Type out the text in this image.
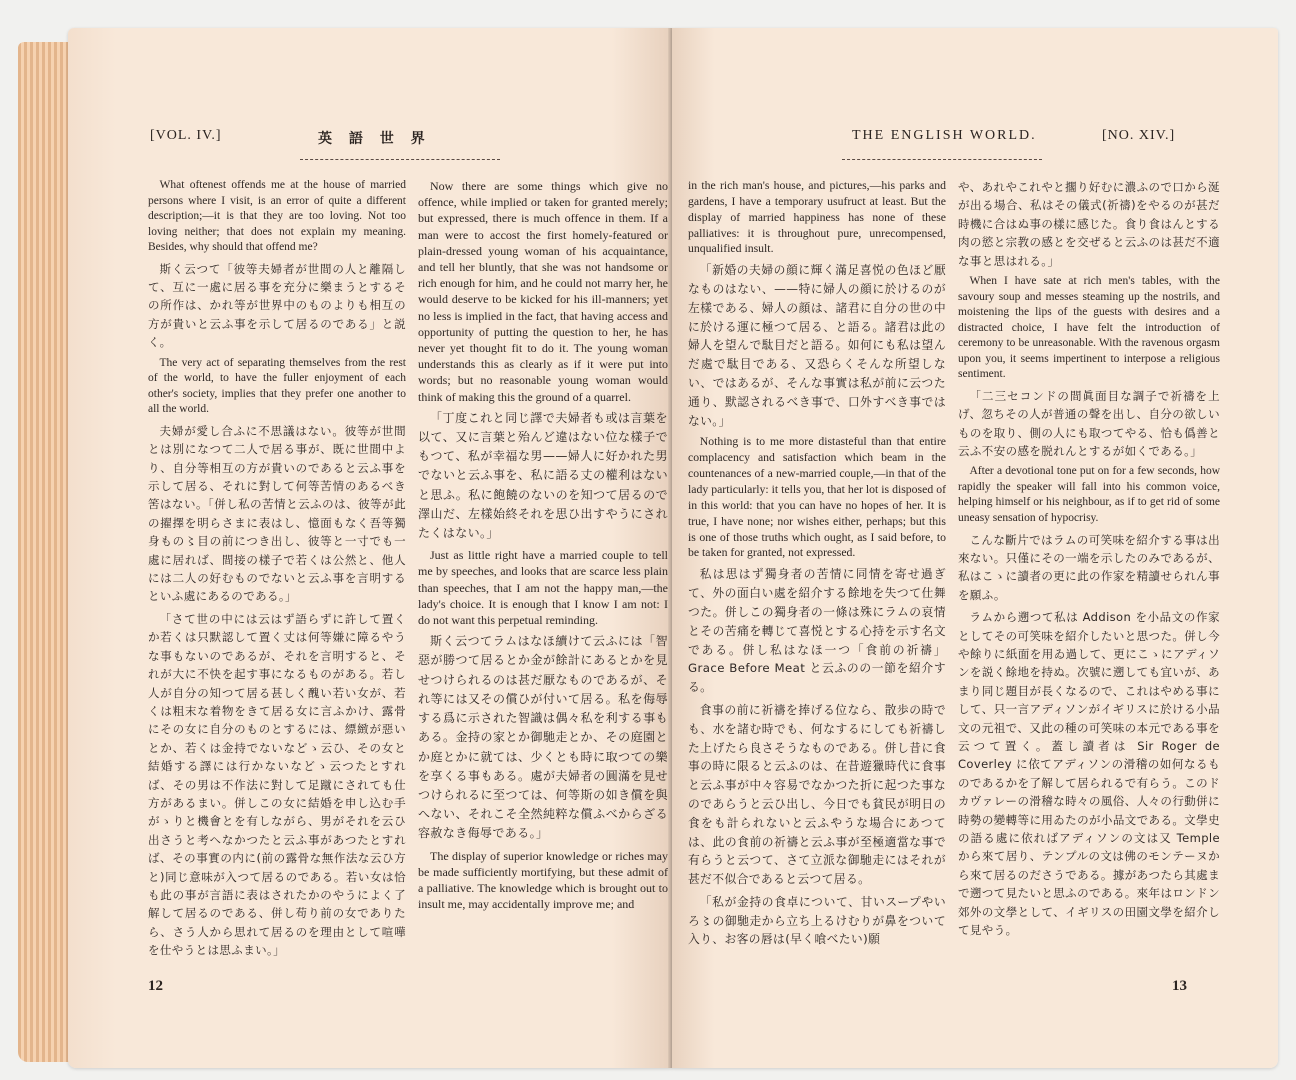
[VOL. IV.]	英 語 世 界

What oftenest offends me at the house of married persons where I visit, is an error of quite a different description;—it is that they are too loving. Not too loving neither; that does not explain my meaning. Besides, why should that offend me?

斯く云つて「彼等夫婦者が世間の人と離隔して、互に一處に居る事を充分に樂まうとするその所作は、かれ等が世界中のものよりも相互の方が貴いと云ふ事を示して居るのである」と説く。

The very act of separating themselves from the rest of the world, to have the fuller enjoyment of each other's society, implies that they prefer one another to all the world.

夫婦が愛し合ふに不思議はない。彼等が世間とは別になつて二人で居る事が、既に世間中より、自分等相互の方が貴いのであると云ふ事を示して居る、それに對して何等苦情のあるべき筈はない。「併し私の苦情と云ふのは、彼等が此の擢擇を明らさまに表はし、憶面もなく吾等獨身もの〻目の前につき出し、彼等と一寸でも一處に居れば、間接の樣子で若くは公然と、他人には二人の好むものでないと云ふ事を言明するといふ處にあるのである。」

「さて世の中には云はず語らずに許して置くか若くは只默認して置く丈は何等嫌に障るやうな事もないのであるが、それを言明すると、それが大に不快を起す事になるものがある。若し人が自分の知つて居る甚しく醜い若い女が、若くは粗末な着物をきて居る女に言ふかけ、露骨にその女に自分のものとするには、縹緻が惡いとか、若くは金持でないなどゝ云ひ、その女と結婚する譯には行かないなどゝ云つたとすれば、その男は不作法に對して足蹴にされても仕方があるまい。併しこの女に結婚を申し込む手がゝりと機會とを有しながら、男がそれを云ひ出さうと考へなかつたと云ふ事があつたとすれば、その事實の内に(前の露骨な無作法な云ひ方と)同じ意味が入つて居るのである。若い女は恰も此の事が言語に表はされたかのやうによく了解して居るのである、併し苟り前の女でありたら、さう人から思れて居るのを理由として喧嘩を仕やうとは思ふまい。」

Now there are some things which give no offence, while implied or taken for granted merely; but expressed, there is much offence in them. If a man were to accost the first homely-featured or plain-dressed young woman of his acquaintance, and tell her bluntly, that she was not handsome or rich enough for him, and he could not marry her, he would deserve to be kicked for his ill-manners; yet no less is implied in the fact, that having access and opportunity of putting the question to her, he has never yet thought fit to do it. The young woman understands this as clearly as if it were put into words; but no reasonable young woman would think of making this the ground of a quarrel.

「丁度これと同じ譯で夫婦者も或は言葉を以て、又に言葉と殆んど違はない位な樣子でもつて、私が幸福な男——婦人に好かれた男でないと云ふ事を、私に語る丈の權利はないと思ふ。私に飽饒のないのを知つて居るので澤山だ、左樣始終それを思ひ出すやうにされたくはない。」

Just as little right have a married couple to tell me by speeches, and looks that are scarce less plain than speeches, that I am not the happy man,—the lady's choice. It is enough that I know I am not: I do not want this perpetual reminding.

斯く云つてラムはなほ續けて云ふには「智惡が勝つて居るとか金が餘計にあるとかを見せつけられるのは甚だ厭なものであるが、それ等には又その償ひが付いて居る。私を侮辱する爲に示された智識は偶々私を利する事もある。金持の家とか御馳走とか、その庭園とか庭とかに就ては、少くとも時に取つての樂を享くる事もある。處が夫婦者の圓滿を見せつけられるに至つては、何等斯の如き償を與へない、それこそ全然純粹な償ふべからざる容赦なき侮辱である。」

The display of superior knowledge or riches may be made sufficiently mortifying, but these admit of a palliative. The knowledge which is brought out to insult me, may accidentally improve me; and

12
THE ENGLISH WORLD.	[NO. XIV.]

in the rich man's house, and pictures,—his parks and gardens, I have a temporary usufruct at least. But the display of married happiness has none of these palliatives: it is throughout pure, unrecompensed, unqualified insult.

「新婚の夫婦の顔に輝く滿足喜悦の色ほど厭なものはない、——特に婦人の顔に於けるのが左樣である、婦人の顔は、諸君に自分の世の中に於ける運に極つて居る、と語る。諸君は此の婦人を望んで駄目だと語る。如何にも私は望んだ處で駄目である、又恐らくそんな所望しない、ではあるが、そんな事實は私が前に云つた通り、默認されるべき事で、口外すべき事ではない。」

Nothing is to me more distasteful than that entire complacency and satisfaction which beam in the countenances of a new-married couple,—in that of the lady particularly: it tells you, that her lot is disposed of in this world: that you can have no hopes of her. It is true, I have none; nor wishes either, perhaps; but this is one of those truths which ought, as I said before, to be taken for granted, not expressed.

私は思はず獨身者の苦情に同情を寄せ過ぎて、外の面白い處を紹介する餘地を失つて仕舞つた。併しこの獨身者の一條は殊にラムの哀情とその苦痛を轉じて喜悦とする心持を示す名文である。併し私はなほ一つ「食前の祈禱」Grace Before Meat と云ふのの一節を紹介する。

食事の前に祈禱を捧げる位なら、散歩の時でも、水を諸む時でも、何なするにしても祈禱した上げたら良さそうなものである。併し昔に食事の時に限ると云ふのは、在昔遊獵時代に食事と云ふ事が中々容易でなかつた折に起つた事なのであらうと云ひ出し、今日でも貧民が明日の食をも計られないと云ふやうな場合にあつては、此の食前の祈禱と云ふ事が至極適當な事で有らうと云つて、さて立派な御馳走にはそれが甚だ不似合であると云つて居る。

「私が金持の食卓について、甘いスープやいろ〻の御馳走から立ち上るけむりが鼻をついて入り、お客の唇は(早く喰べたい)願

や、あれやこれやと擱り好むに濃ふので口から涎が出る場合、私はその儀式(祈禱)をやるのが甚だ時機に合はぬ事の樣に感じた。食り食はんとする肉の慾と宗教の感とを交ぜると云ふのは甚だ不適な事と思はれる。」

When I have sate at rich men's tables, with the savoury soup and messes steaming up the nostrils, and moistening the lips of the guests with desires and a distracted choice, I have felt the introduction of ceremony to be unreasonable. With the ravenous orgasm upon you, it seems impertinent to interpose a religious sentiment.

「二三セコンドの間眞面目な調子で祈禱を上げ、忽ちその人が普通の聲を出し、自分の欲しいものを取り、側の人にも取つてやる、恰も僞善と云ふ不安の感を脱れんとするが如くである。」

After a devotional tone put on for a few seconds, how rapidly the speaker will fall into his common voice, helping himself or his neighbour, as if to get rid of some uneasy sensation of hypocrisy.

こんな斷片ではラムの可笑味を紹介する事は出來ない。只僅にその一端を示したのみであるが、私はこゝに讀者の更に此の作家を精讀せられん事を願ふ。

ラムから遡つて私は Addison を小品文の作家としてその可笑味を紹介したいと思つた。併し今や餘りに紙面を用ゐ過して、更にこゝにアディソンを説く餘地を持ぬ。次號に遡しても宜いが、あまり同じ題目が長くなるので、これはやめる事にして、只一言アディソンがイギリスに於ける小品文の元祖で、又此の種の可笑味の本元である事を云つて置く。蓋し讀者は Sir Roger de Coverley に依てアディソンの滑稽の如何なるものであるかを了解して居られるで有らう。このドカヴァレーの滑稽な時々の風俗、人々の行動併に時勢の變轉等に用ゐたのが小品文である。文學史の語る處に依ればアディソンの文は又 Temple から來て居り、テンプルの文は佛のモンテーヌから來て居るのださうである。據があつたら其處まで遡つて見たいと思ふのである。來年はロンドン郊外の文學として、イギリスの田園文學を紹介して見やう。

13
